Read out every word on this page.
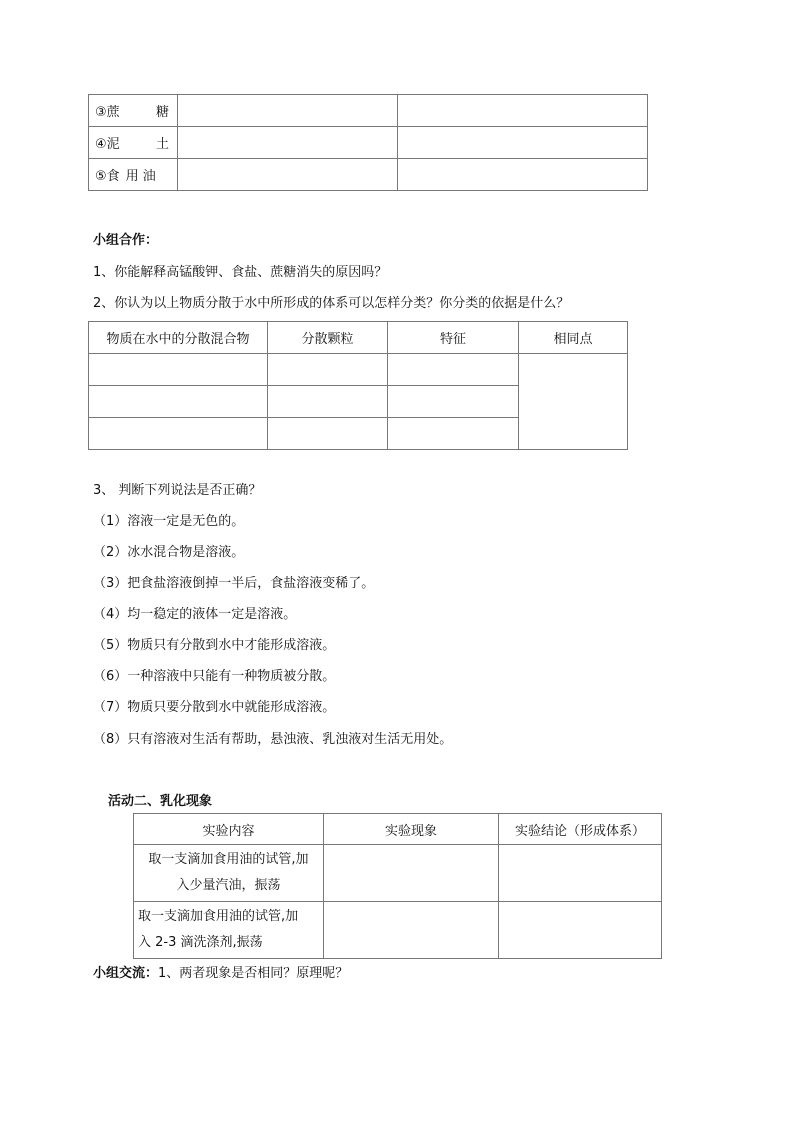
③蔗 糖		

④泥 土		

⑤食 用 油		

小组合作：
1、你能解释高锰酸钾、食盐、蔗糖消失的原因吗？
2、你认为以上物质分散于水中所形成的体系可以怎样分类？你分类的依据是什么？
物质在水中的分散混合物	分散颗粒	特征	相同点

3、 判断下列说法是否正确？
（1）溶液一定是无色的。
（2）冰水混合物是溶液。
（3）把食盐溶液倒掉一半后，食盐溶液变稀了。
（4）均一稳定的液体一定是溶液。
（5）物质只有分散到水中才能形成溶液。
（6）一种溶液中只能有一种物质被分散。
（7）物质只要分散到水中就能形成溶液。
（8）只有溶液对生活有帮助，悬浊液、乳浊液对生活无用处。
活动二、乳化现象
实验内容	实验现象	实验结论（形成体系）

取一支滴加食用油的试管,加
入少量汽油，振荡		

取一支滴加食用油的试管,加
入 2-3 滴洗涤剂,振荡		

小组交流：1、两者现象是否相同？原理呢？
